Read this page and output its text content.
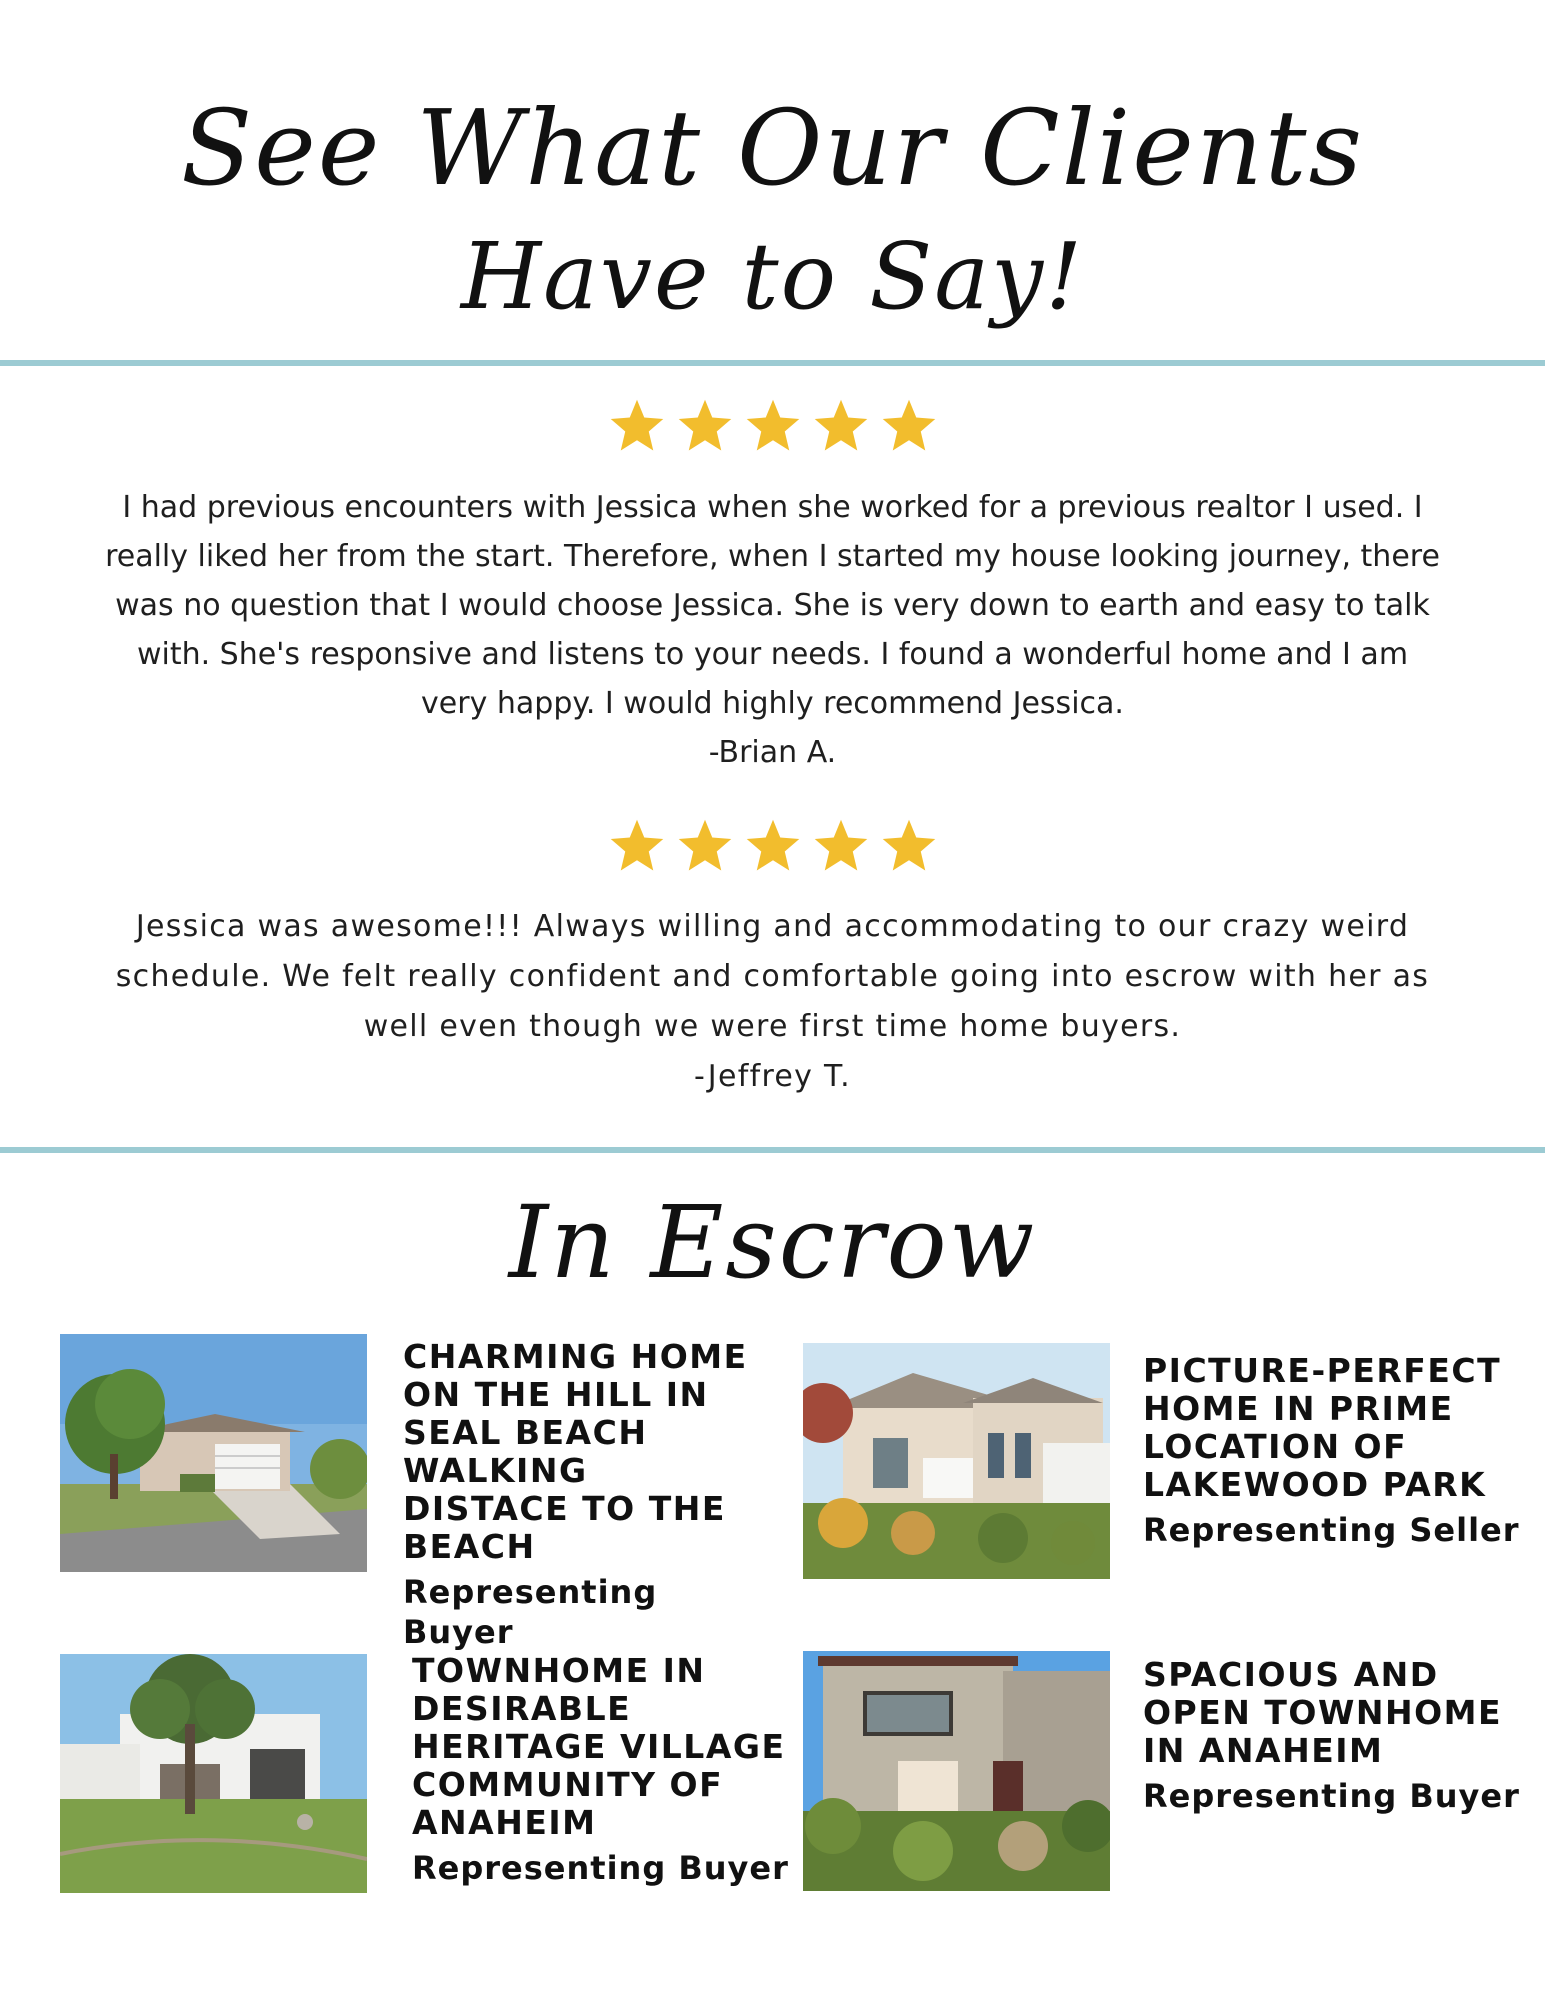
See What Our Clients
Have to Say!
I had previous encounters with Jessica when she worked for a previous realtor I used. I really liked her from the start. Therefore, when I started my house looking journey, there was no question that I would choose Jessica. She is very down to earth and easy to talk with. She's responsive and listens to your needs. I found a wonderful home and I am very happy. I would highly recommend Jessica.
-Brian A.
Jessica was awesome!!! Always willing and accommodating to our crazy weird schedule. We felt really confident and comfortable going into escrow with her as well even though we were first time home buyers.
-Jeffrey T.
In Escrow
CHARMING HOME ON THE HILL IN SEAL BEACH WALKING DISTACE TO THE BEACH
Representing Buyer
PICTURE-PERFECT HOME IN PRIME LOCATION OF LAKEWOOD PARK
Representing Seller
TOWNHOME IN DESIRABLE HERITAGE VILLAGE COMMUNITY OF ANAHEIM
Representing Buyer
SPACIOUS AND OPEN TOWNHOME IN ANAHEIM
Representing Buyer
